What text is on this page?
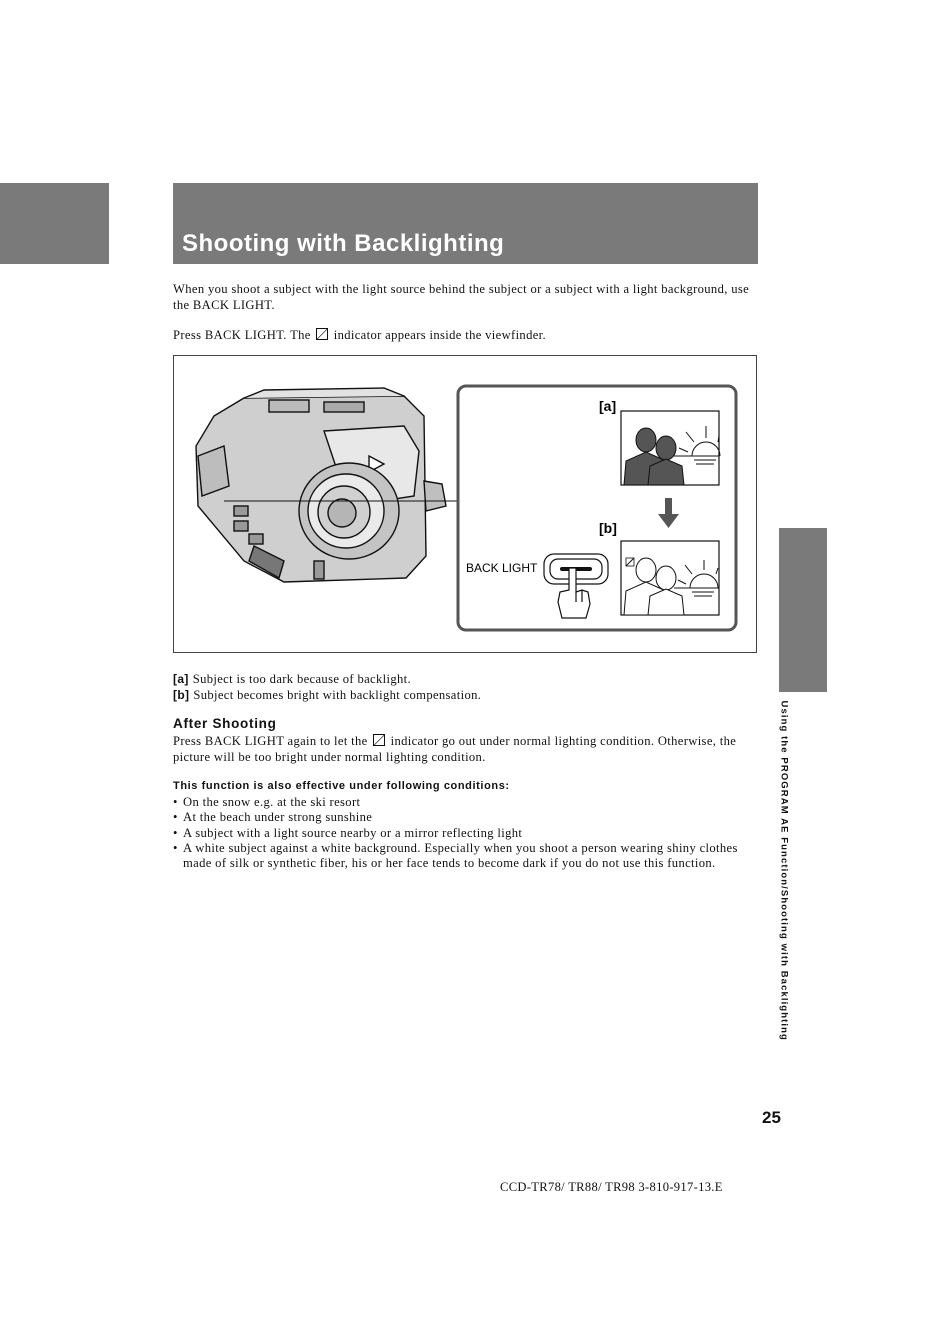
Shooting with Backlighting
Using the PROGRAM AE Function/Shooting with Backlighting
When you shoot a subject with the light source behind the subject or a subject with a light background, use the BACK LIGHT.
Press BACK LIGHT. The indicator appears inside the viewfinder.
[a]
[b]
BACK LIGHT
[a] Subject is too dark because of backlight.
[b] Subject becomes bright with backlight compensation.
After Shooting
Press BACK LIGHT again to let the indicator go out under normal lighting condition. Otherwise, the picture will be too bright under normal lighting condition.
This function is also effective under following conditions:
• On the snow e.g. at the ski resort
• At the beach under strong sunshine
• A subject with a light source nearby or a mirror reflecting light
• A white subject against a white background. Especially when you shoot a person wearing shiny clothes made of silk or synthetic fiber, his or her face tends to become dark if you do not use this function.
25
CCD-TR78/ TR88/ TR98 3-810-917-13.E
